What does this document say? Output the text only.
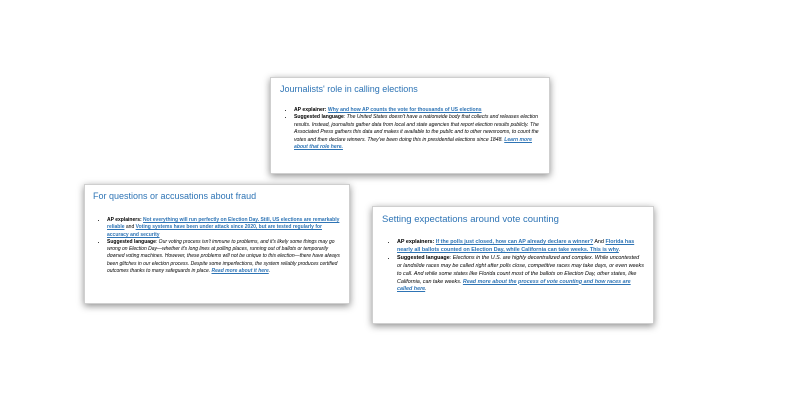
Journalists' role in calling elections
• AP explainer: Why and how AP counts the vote for thousands of US elections
• Suggested language: The United States doesn't have a nationwide body that collects and releases election results. Instead, journalists gather data from local and state agencies that report election results publicly. The Associated Press gathers this data and makes it available to the public and to other newsrooms, to count the votes and then declare winners. They've been doing this in presidential elections since 1848. Learn more about that role here.
For questions or accusations about fraud
• AP explainers: Not everything will run perfectly on Election Day. Still, US elections are remarkably reliable and Voting systems have been under attack since 2020, but are tested regularly for accuracy and security
• Suggested language: Our voting process isn't immune to problems, and it's likely some things may go wrong on Election Day—whether it's long lines at polling places, running out of ballots or temporarily downed voting machines. However, these problems will not be unique to this election—there have always been glitches in our election process. Despite some imperfections, the system reliably produces certified outcomes thanks to many safeguards in place. Read more about it here.
Setting expectations around vote counting
• AP explainers: If the polls just closed, how can AP already declare a winner? And Florida has nearly all ballots counted on Election Day, while California can take weeks. This is why.
• Suggested language: Elections in the U.S. are highly decentralized and complex. While uncontested or landslide races may be called right after polls close, competitive races may take days, or even weeks to call. And while some states like Florida count most of the ballots on Election Day, other states, like California, can take weeks. Read more about the process of vote counting and how races are called here.
